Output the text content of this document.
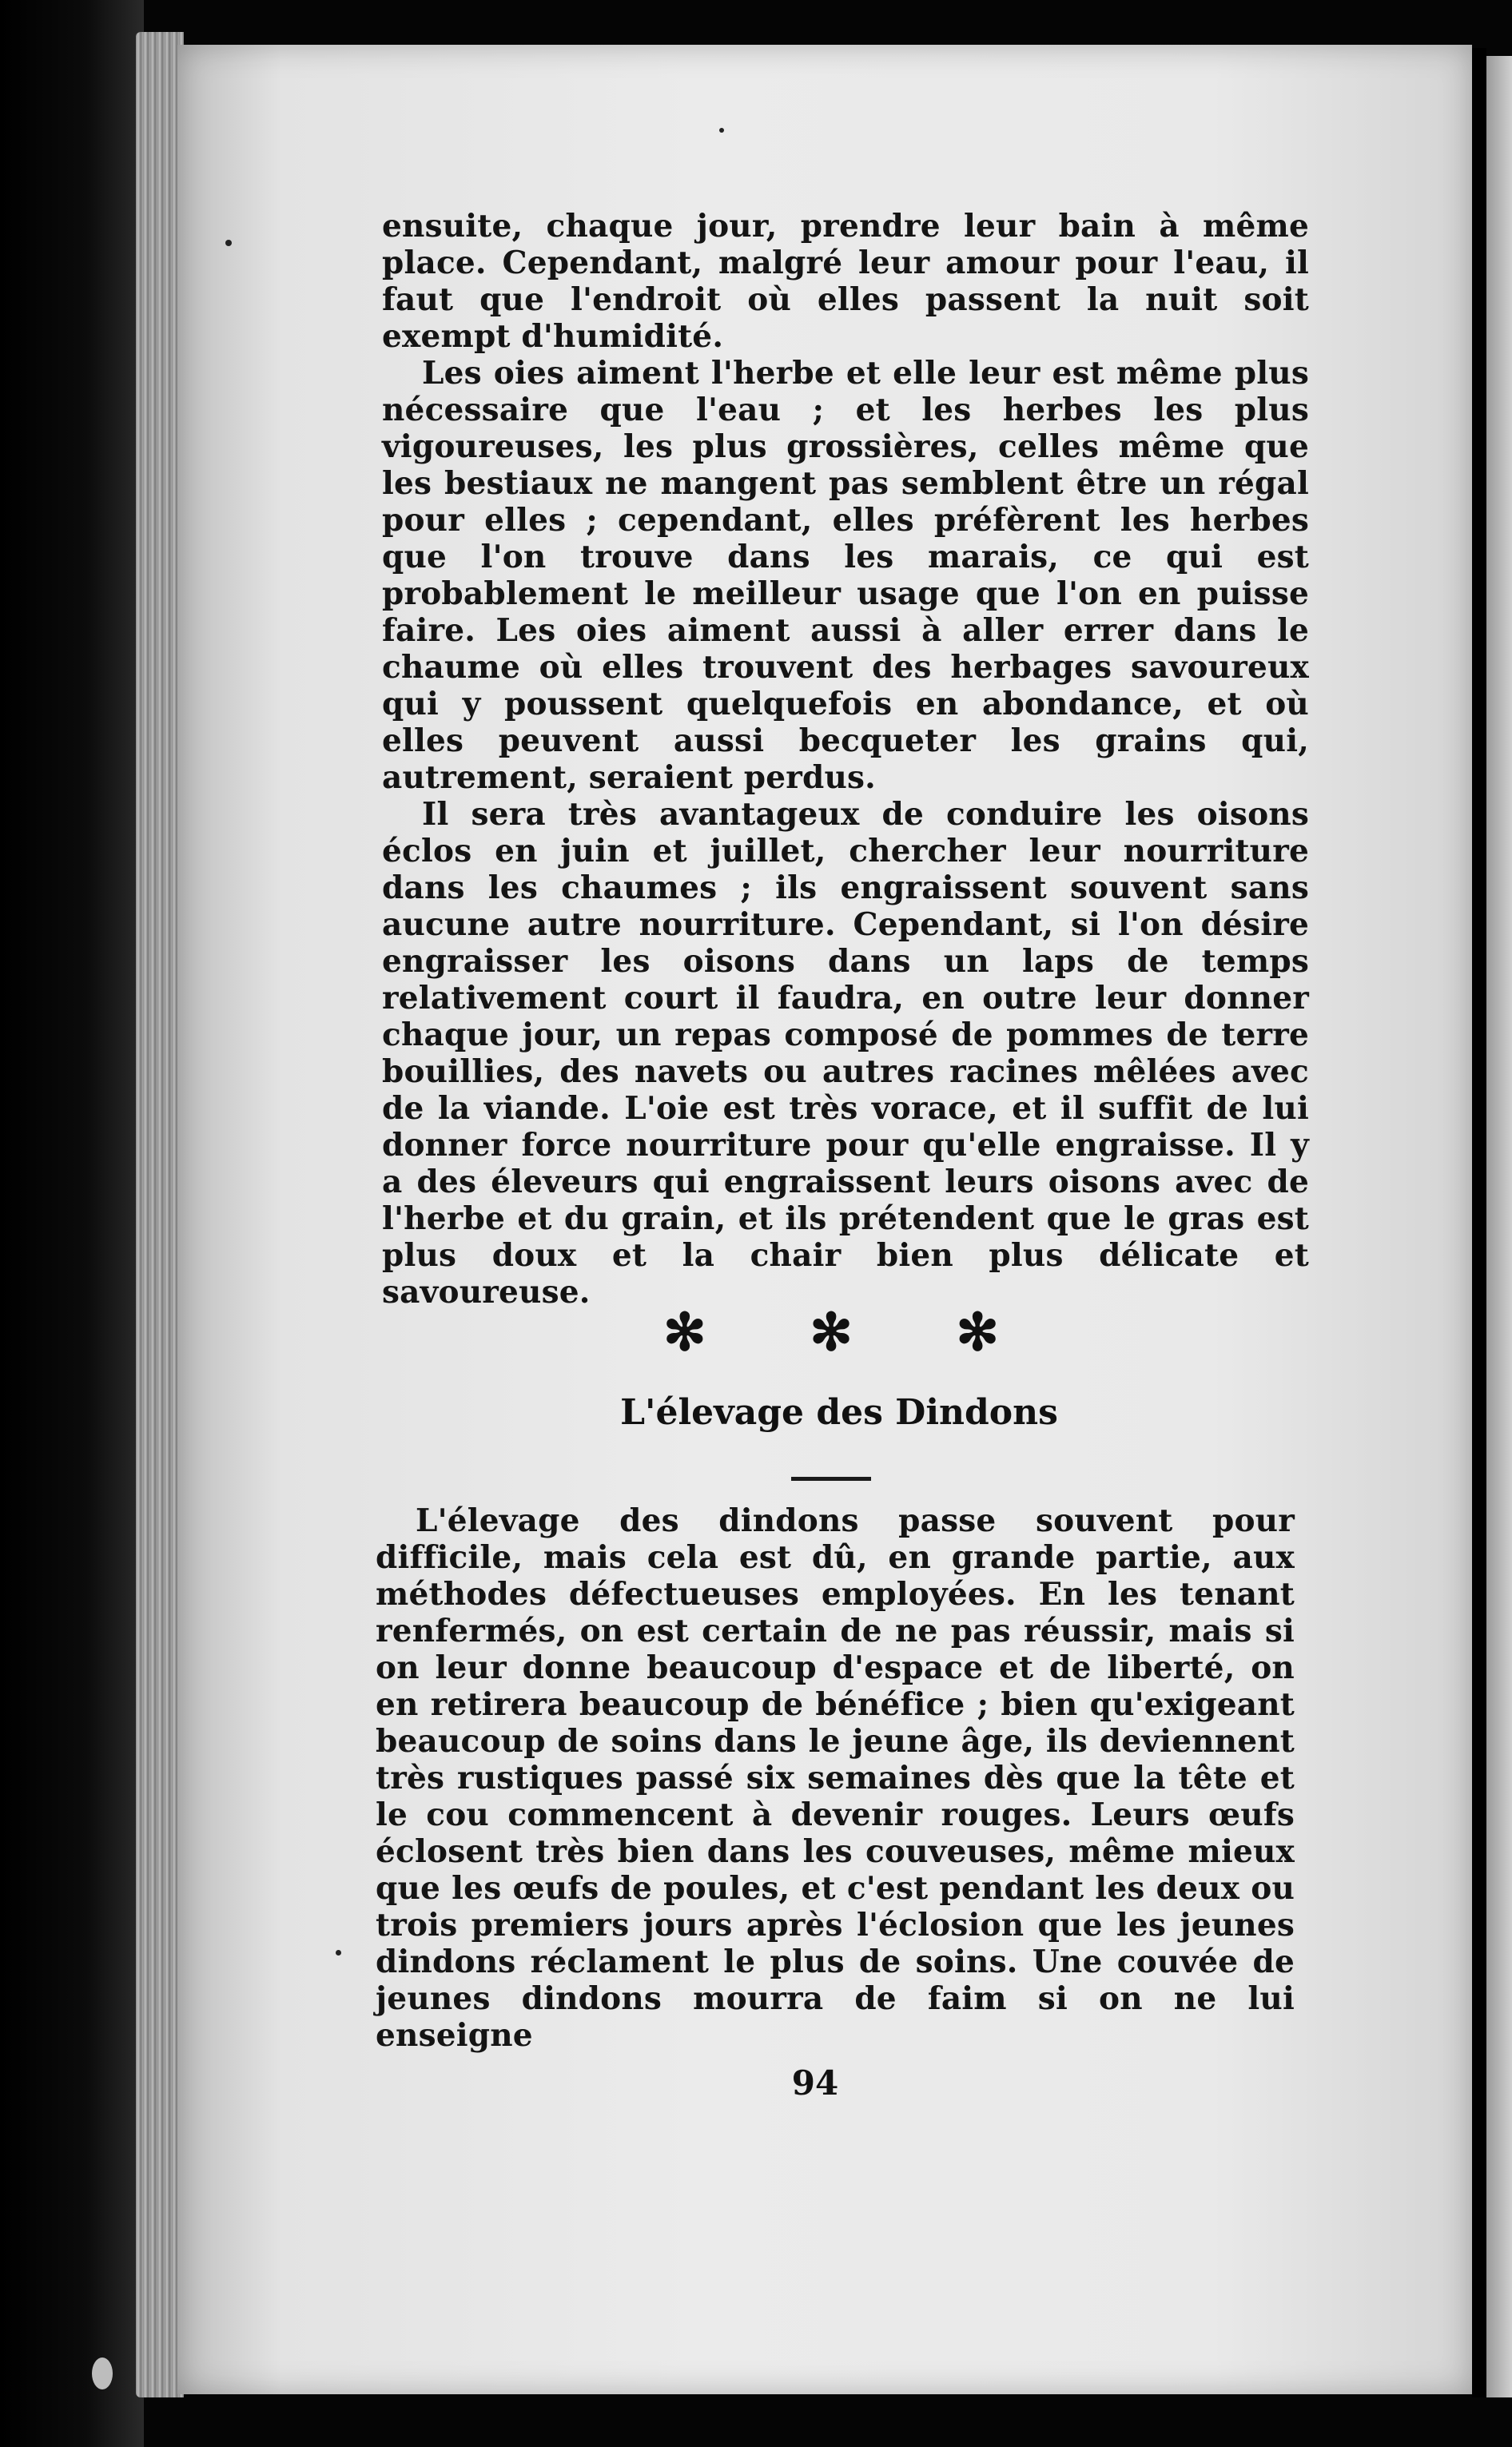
ensuite, chaque jour, prendre leur bain à même place. Cependant, malgré leur amour pour l'eau, il faut que l'endroit où elles passent la nuit soit exempt d'humidité.

Les oies aiment l'herbe et elle leur est même plus nécessaire que l'eau ; et les herbes les plus vigoureuses, les plus grossières, celles même que les bestiaux ne mangent pas semblent être un régal pour elles ; cependant, elles préfèrent les herbes que l'on trouve dans les marais, ce qui est probablement le meilleur usage que l'on en puisse faire. Les oies aiment aussi à aller errer dans le chaume où elles trouvent des herbages savoureux qui y poussent quelquefois en abondance, et où elles peuvent aussi becqueter les grains qui, autrement, seraient perdus.

Il sera très avantageux de conduire les oisons éclos en juin et juillet, chercher leur nourriture dans les chaumes ; ils engraissent souvent sans aucune autre nourriture. Cependant, si l'on désire engraisser les oisons dans un laps de temps relativement court il faudra, en outre leur donner chaque jour, un repas composé de pommes de terre bouillies, des navets ou autres racines mêlées avec de la viande. L'oie est très vorace, et il suffit de lui donner force nourriture pour qu'elle engraisse. Il y a des éleveurs qui engraissent leurs oisons avec de l'herbe et du grain, et ils prétendent que le gras est plus doux et la chair bien plus délicate et savoureuse.

✻ ✻ ✻
L'élevage des Dindons

L'élevage des dindons passe souvent pour difficile, mais cela est dû, en grande partie, aux méthodes défectueuses employées. En les tenant renfermés, on est certain de ne pas réussir, mais si on leur donne beaucoup d'espace et de liberté, on en retirera beaucoup de bénéfice ; bien qu'exigeant beaucoup de soins dans le jeune âge, ils deviennent très rustiques passé six semaines dès que la tête et le cou commencent à devenir rouges. Leurs œufs éclosent très bien dans les couveuses, même mieux que les œufs de poules, et c'est pendant les deux ou trois premiers jours après l'éclosion que les jeunes dindons réclament le plus de soins. Une couvée de jeunes dindons mourra de faim si on ne lui enseigne

94
